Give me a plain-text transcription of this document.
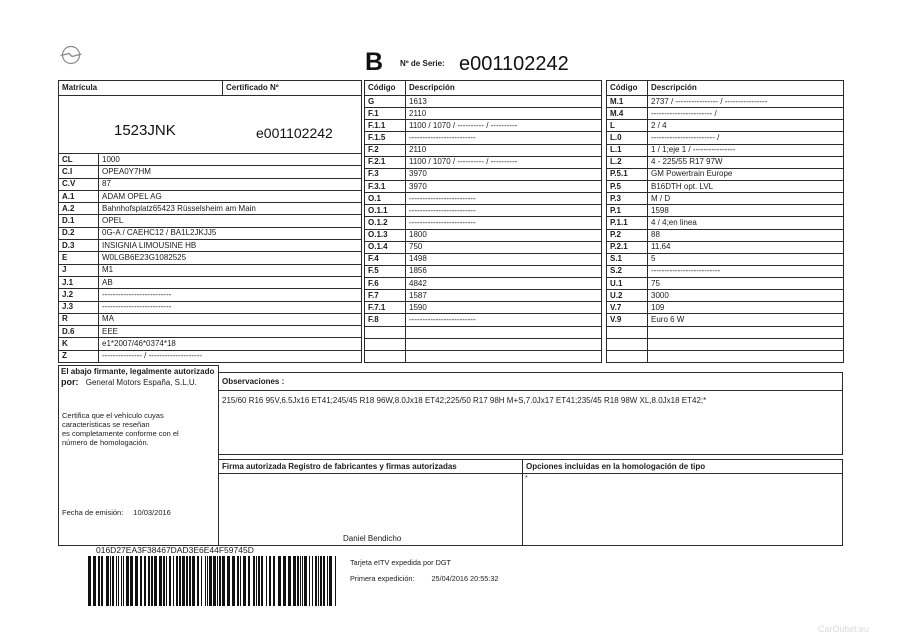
B Nº de Serie: e001102242
Matrícula	Certificado Nº
1523JNK	e001102242
CL	1000
C.I	OPEA0Y7HM
C.V	87
A.1	ADAM OPEL AG
A.2	Bahnhofsplatz65423 Rüsselsheim am Main
D.1	OPEL
D.2	0G-A / CAEHC12 / BA1L2JKJJ5
D.3	INSIGNIA LIMOUSINE HB
E	W0LGB6E23G1082525
J	M1
J.1	AB
J.2	--------------------------
J.3	--------------------------
R	MA
D.6	EEE
K	e1*2007/46*0374*18
Z	--------------- / --------------------
Código	Descripción
G	1613
F.1	2110
F.1.1	1100 / 1070 / ---------- / ----------
F.1.5	-------------------------
F.2	2110
F.2.1	1100 / 1070 / ---------- / ----------
F.3	3970
F.3.1	3970
O.1	-------------------------
O.1.1	-------------------------
O.1.2	-------------------------
O.1.3	1800
O.1.4	750
F.4	1498
F.5	1856
F.6	4842
F.7	1587
F.7.1	1590
F.8	-------------------------
Código	Descripción
M.1	2737 / ---------------- / ----------------
M.4	----------------------- /
L	2 / 4
L.0	------------------------ /
L.1	1 / 1;eje 1 / ----------------
L.2	4 - 225/55 R17 97W
P.5.1	GM Powertrain Europe
P.5	B16DTH opt. LVL
P.3	M / D
P.1	1598
P.1.1	4 / 4;en linea
P.2	88
P.2.1	11.64
S.1	5
S.2	--------------------------
U.1	75
U.2	3000
V.7	109
V.9	Euro 6 W
El abajo firmante, legalmente autorizado
por: General Motors España, S.L.U.
Certifica que el vehículo cuyas
características se reseñan
es completamente conforme con el
número de homologación.
Fecha de emisión: 10/03/2016
Observaciones :
215/60 R16 95V,6.5Jx16 ET41;245/45 R18 96W,8.0Jx18 ET42;225/50 R17 98H M+S,7.0Jx17 ET41;235/45 R18 98W XL,8.0Jx18 ET42;*
Firma autorizada Registro de fabricantes y firmas autorizadas
Daniel Bendicho
Opciones incluidas en la homologación de tipo
*
016D27EA3F38467DAD3E6E44F59745D
Tarjeta eITV expedida por DGT
Primera expedición: 25/04/2016 20:55:32
CarOutlet.eu
